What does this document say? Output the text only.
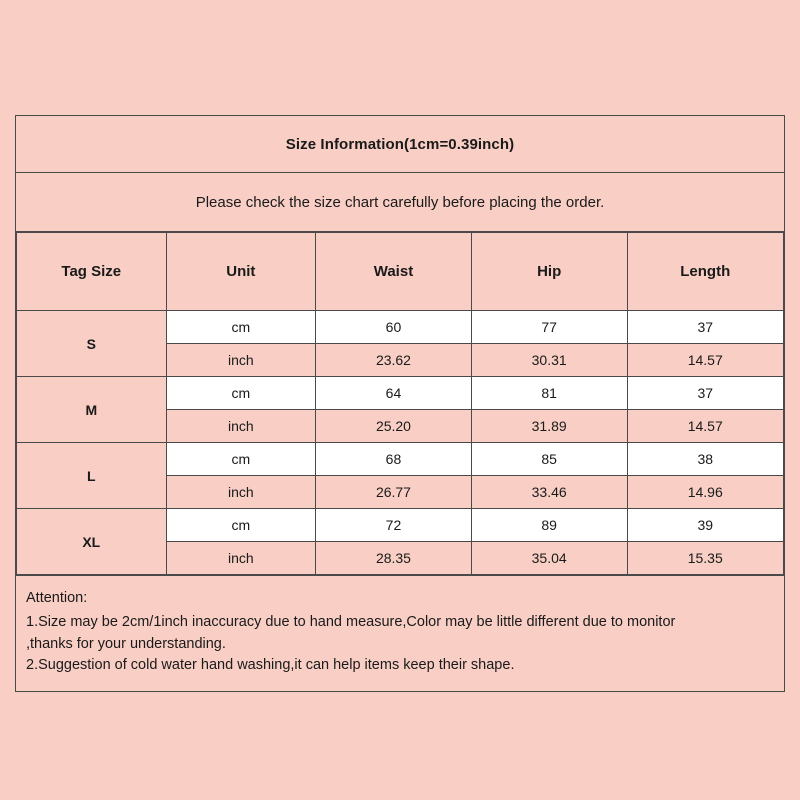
Size Information(1cm=0.39inch)
Please check the size chart carefully before placing the order.
Tag Size	Unit	Waist	Hip	Length
S	cm	60	77	37
	inch	23.62	30.31	14.57
M	cm	64	81	37
	inch	25.20	31.89	14.57
L	cm	68	85	38
	inch	26.77	33.46	14.96
XL	cm	72	89	39
	inch	28.35	35.04	15.35

Attention:

1.Size may be 2cm/1inch inaccuracy due to hand measure,Color may be little different due to monitor

,thanks for your understanding.

2.Suggestion of cold water hand washing,it can help items keep their shape.
